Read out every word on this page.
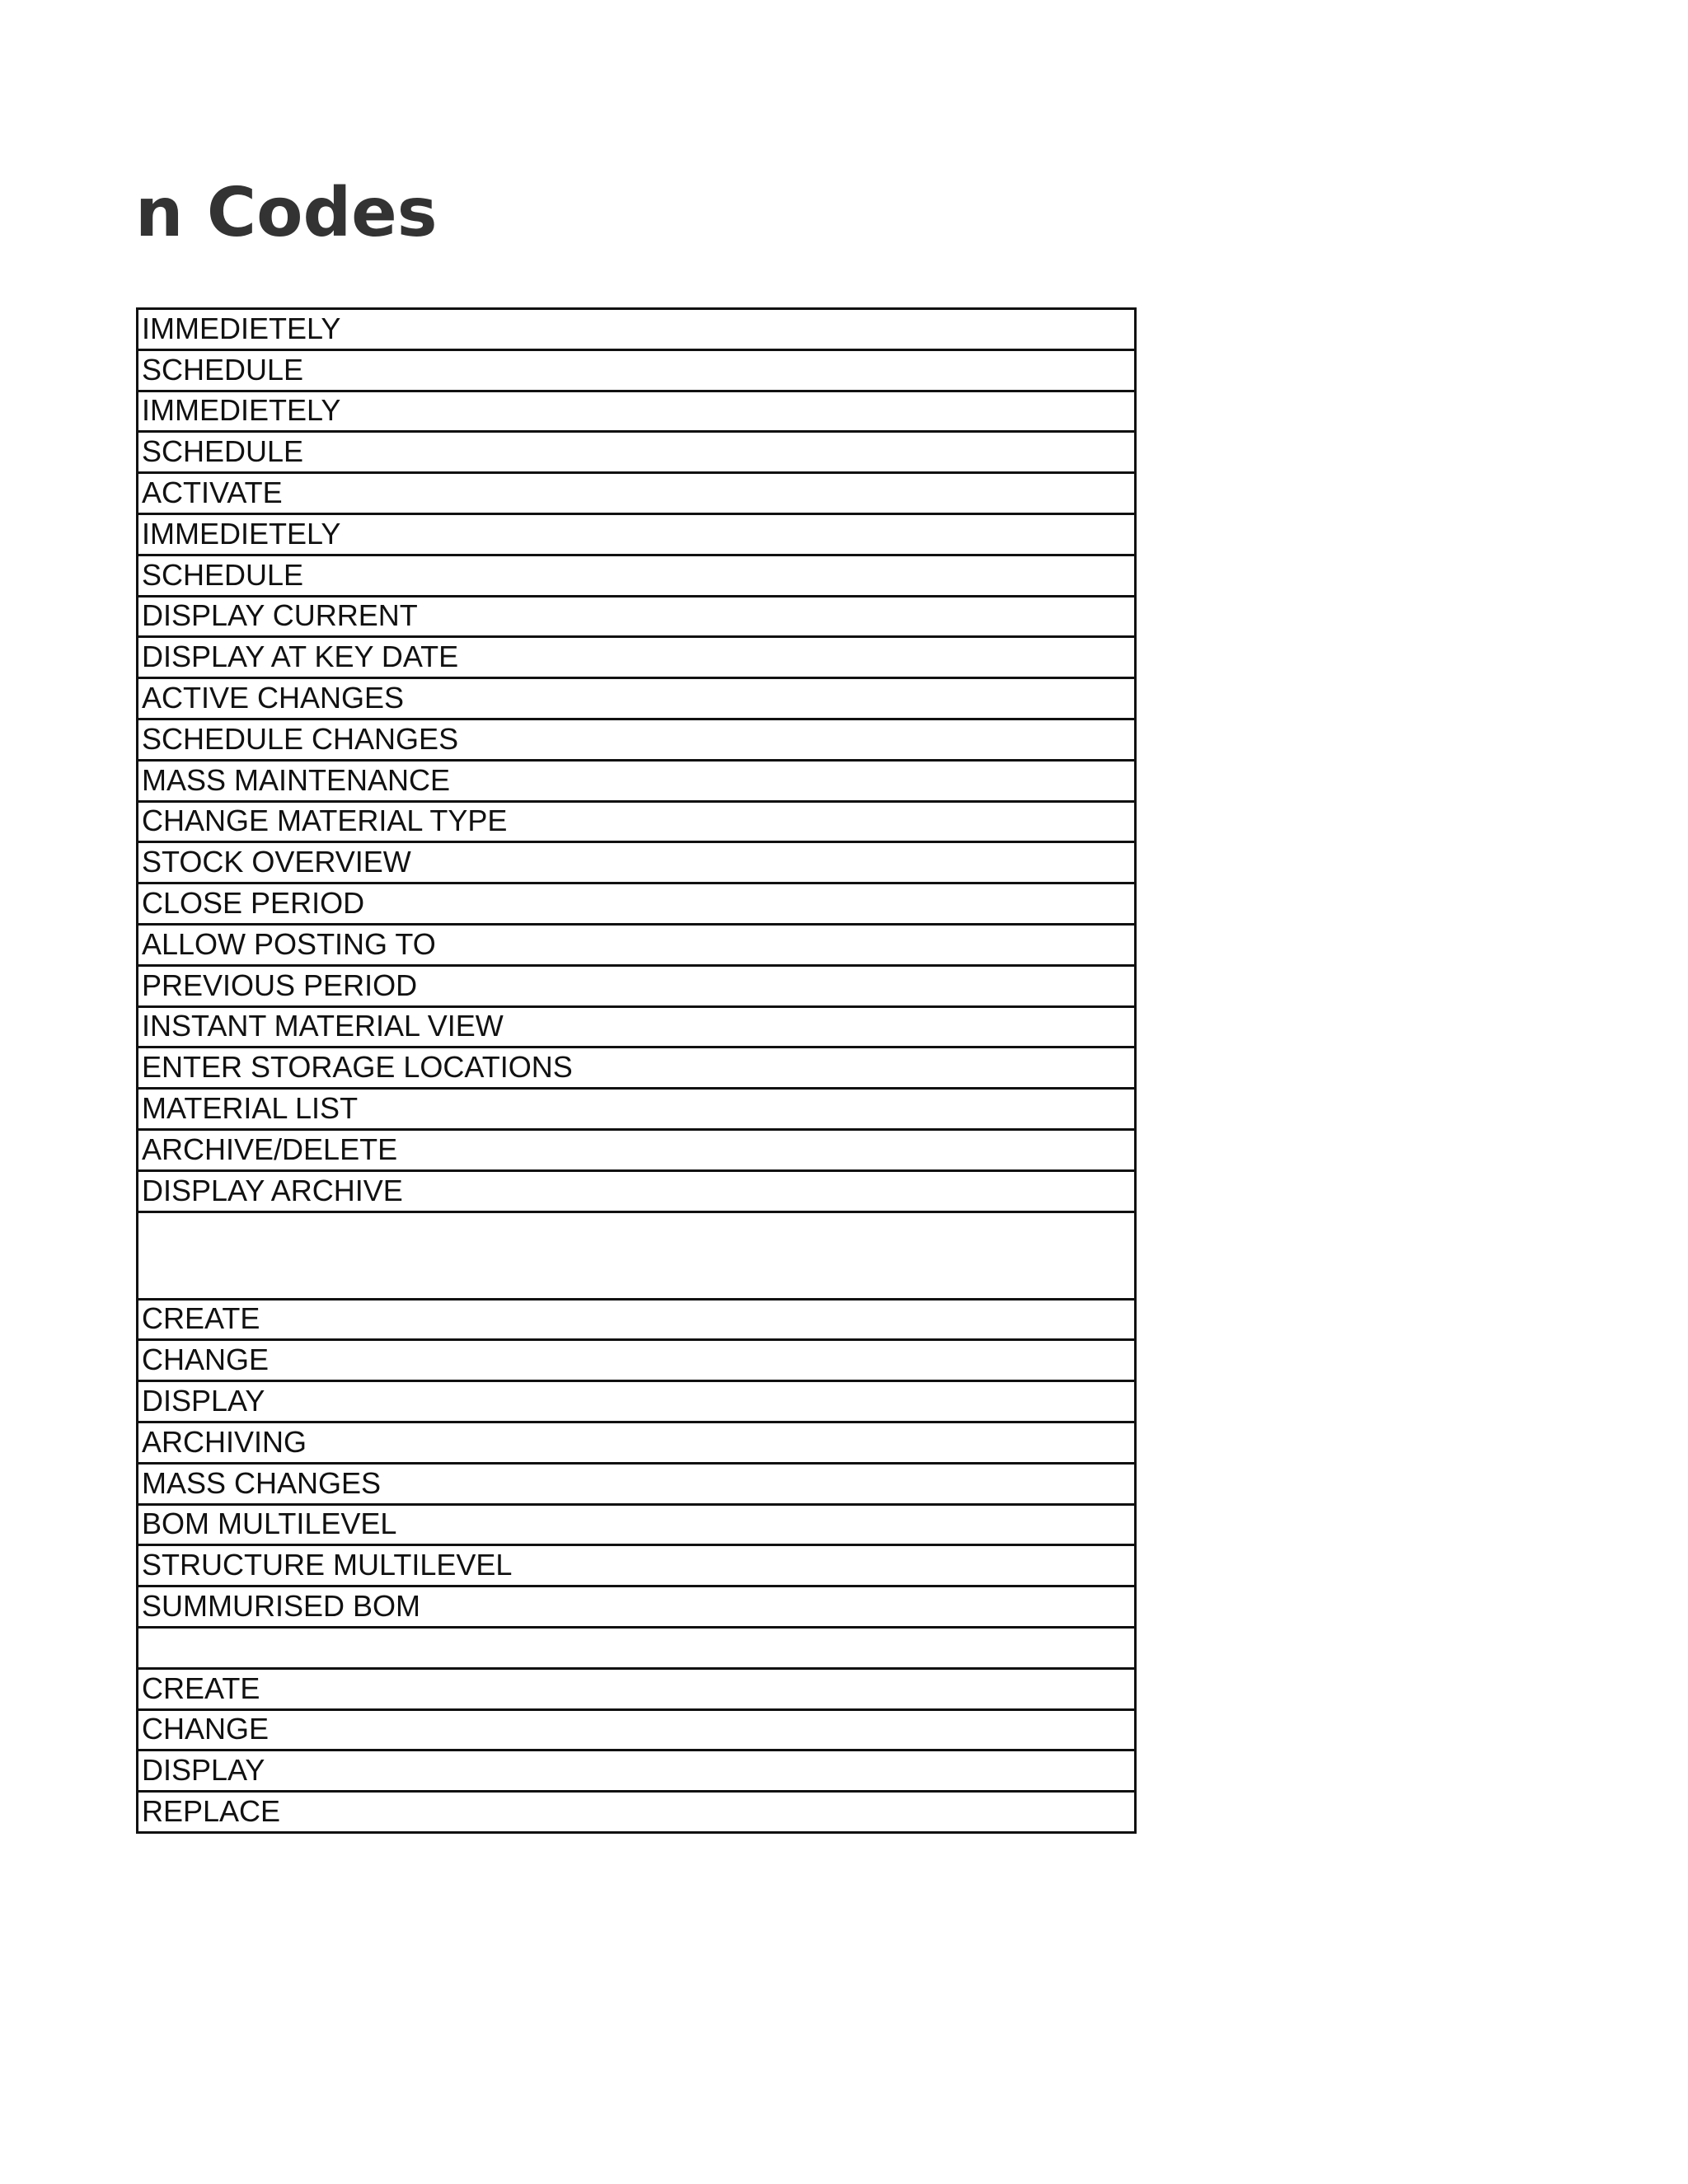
n Codes
IMMEDIETELY
SCHEDULE
IMMEDIETELY
SCHEDULE
ACTIVATE
IMMEDIETELY
SCHEDULE
DISPLAY CURRENT
DISPLAY AT KEY DATE
ACTIVE CHANGES
SCHEDULE CHANGES
MASS MAINTENANCE
CHANGE MATERIAL TYPE
STOCK OVERVIEW
CLOSE PERIOD
ALLOW POSTING TO
PREVIOUS PERIOD
INSTANT MATERIAL VIEW
ENTER STORAGE LOCATIONS
MATERIAL LIST
ARCHIVE/DELETE
DISPLAY ARCHIVE

CREATE
CHANGE
DISPLAY
ARCHIVING
MASS CHANGES
BOM MULTILEVEL
STRUCTURE MULTILEVEL
SUMMURISED BOM

CREATE
CHANGE
DISPLAY
REPLACE
